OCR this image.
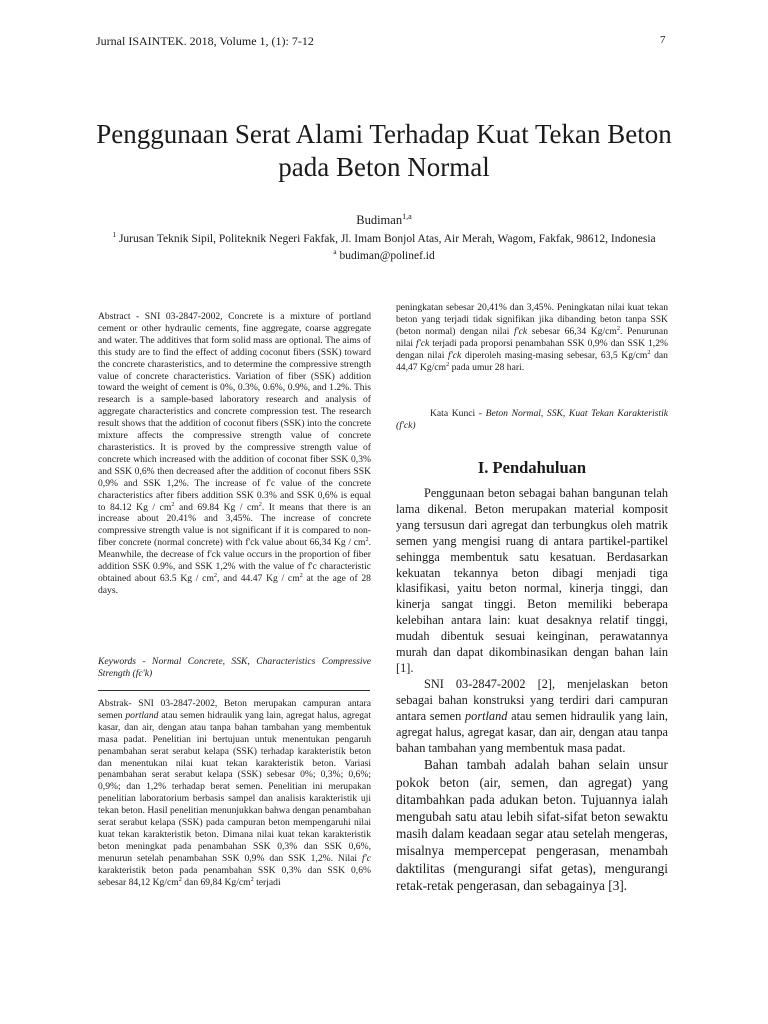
Jurnal ISAINTEK. 2018, Volume 1, (1): 7-12	7
Penggunaan Serat Alami Terhadap Kuat Tekan Beton
pada Beton Normal
Budiman$^{1,a}$
$^1$ Jurusan Teknik Sipil, Politeknik Negeri Fakfak, Jl. Imam Bonjol Atas, Air Merah, Wagom, Fakfak, 98612, Indonesia
$^a$ budiman@polinef.id

Abstract - SNI 03-2847-2002, Concrete is a mixture of portland cement or other hydraulic cements, fine aggregate, coarse aggregate and water. The additives that form solid mass are optional. The aims of this study are to find the effect of adding coconut fibers (SSK) toward the concrete charasteristics, and to determine the compressive strength value of concrete characteristics. Variation of fiber (SSK) addition toward the weight of cement is 0%, 0.3%, 0.6%, 0.9%, and 1.2%. This research is a sample-based laboratory research and analysis of aggregate characteristics and concrete compression test. The research result shows that the addition of coconut fibers (SSK) into the concrete mixture affects the compressive strength value of concrete charasteristics. It is proved by the compressive strength value of concrete which increased with the addition of coconat fiber SSK 0,3% and SSK 0,6% then decreased after the addition of coconut fibers SSK 0,9% and SSK 1,2%. The increase of f'c value of the concrete characteristics after fibers addition SSK 0.3% and SSK 0,6% is equal to 84.12 Kg / $cm^2$ and 69.84 Kg / $cm^2$. It means that there is an increase about 20.41% and 3,45%. The increase of concrete compressive strength value is not significant if it is compared to non-fiber concrete (normal concrete) with f'ck value about 66,34 Kg / $cm^2$. Meanwhile, the decrease of f'ck value occurs in the proportion of fiber addition SSK 0.9%, and SSK 1,2% with the value of f'c characteristic obtained about 63.5 Kg / $cm^2$, and 44.47 Kg / $cm^2$ at the age of 28 days.

Keywords - Normal Concrete, SSK, Characteristics Compressive Strength (fc'k)

Abstrak- SNI 03-2847-2002, Beton merupakan campuran antara semen portland atau semen hidraulik yang lain, agregat halus, agregat kasar, dan air, dengan atau tanpa bahan tambahan yang membentuk masa padat. Penelitian ini bertujuan untuk menentukan pengaruh penambahan serat serabut kelapa (SSK) terhadap karakteristik beton dan menentukan nilai kuat tekan karakteristik beton. Variasi penambahan serat serabut kelapa (SSK) sebesar 0%; 0,3%; 0,6%; 0,9%; dan 1,2% terhadap berat semen. Penelitian ini merupakan penelitian laboratorium berbasis sampel dan analisis karakteristik uji tekan beton. Hasil penelitian menunjukkan bahwa dengan penambahan serat serabut kelapa (SSK) pada campuran beton mempengaruhi nilai kuat tekan karakteristik beton. Dimana nilai kuat tekan karakteristik beton meningkat pada penambahan SSK 0,3% dan SSK 0,6%, menurun setelah penambahan SSK 0,9% dan SSK 1,2%. Nilai f'c karakteristik beton pada penambahan SSK 0,3% dan SSK 0,6% sebesar 84,12 $Kg/cm^2$ dan 69,84 $Kg/cm^2$ terjadi

peningkatan sebesar 20,41% dan 3,45%. Peningkatan nilai kuat tekan beton yang terjadi tidak signifikan jika dibanding beton tanpa SSK (beton normal) dengan nilai f'ck sebesar 66,34 $Kg/cm^2$. Penurunan nilai f'ck terjadi pada proporsi penambahan SSK 0,9% dan SSK 1,2% dengan nilai f'ck diperoleh masing-masing sebesar, 63,5 $Kg/cm^2$ dan 44,47 $Kg/cm^2$ pada umur 28 hari.

Kata Kunci - Beton Normal, SSK, Kuat Tekan Karakteristik (f'ck)

I. Pendahuluan

Penggunaan beton sebagai bahan bangunan telah lama dikenal. Beton merupakan material komposit yang tersusun dari agregat dan terbungkus oleh matrik semen yang mengisi ruang di antara partikel-partikel sehingga membentuk satu kesatuan. Berdasarkan kekuatan tekannya beton dibagi menjadi tiga klasifikasi, yaitu beton normal, kinerja tinggi, dan kinerja sangat tinggi. Beton memiliki beberapa kelebihan antara lain: kuat desaknya relatif tinggi, mudah dibentuk sesuai keinginan, perawatannya murah dan dapat dikombinasikan dengan bahan lain [1].

SNI 03-2847-2002 [2], menjelaskan beton sebagai bahan konstruksi yang terdiri dari campuran antara semen portland atau semen hidraulik yang lain, agregat halus, agregat kasar, dan air, dengan atau tanpa bahan tambahan yang membentuk masa padat.

Bahan tambah adalah bahan selain unsur pokok beton (air, semen, dan agregat) yang ditambahkan pada adukan beton. Tujuannya ialah mengubah satu atau lebih sifat-sifat beton sewaktu masih dalam keadaan segar atau setelah mengeras, misalnya mempercepat pengerasan, menambah daktilitas (mengurangi sifat getas), mengurangi retak-retak pengerasan, dan sebagainya [3].
